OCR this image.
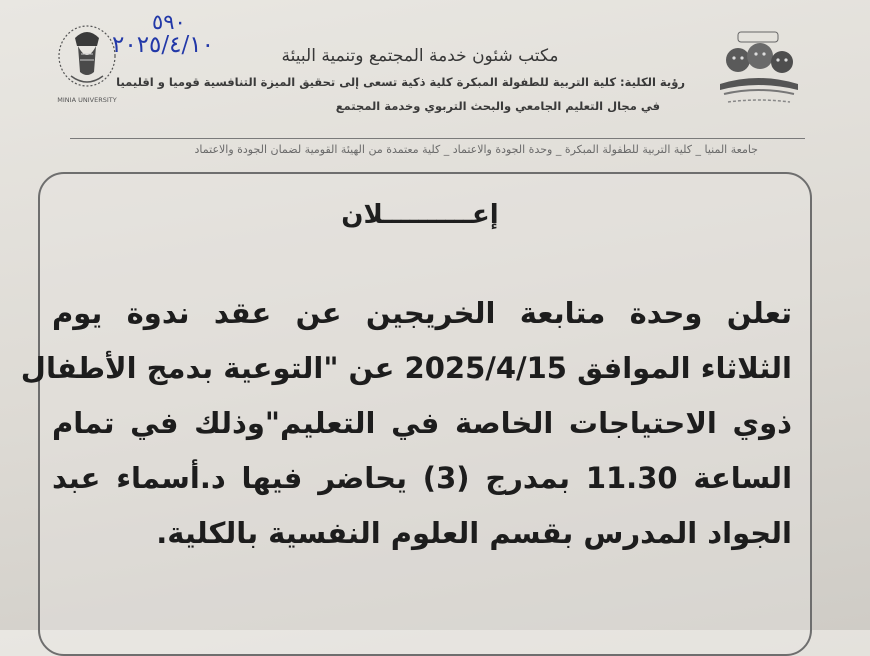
٥٩٠
٢٠٢٥/٤/١٠
MINIA UNIVERSITY
مكتب شئون خدمة المجتمع وتنمية البيئة
رؤية الكلية: كلية التربية للطفولة المبكرة كلية ذكية تسعى إلى تحقيق الميزة التنافسية قوميا و اقليميا
في مجال التعليم الجامعي والبحث التربوي وخدمة المجتمع
جامعة المنيا _ كلية التربية للطفولة المبكرة _ وحدة الجودة والاعتماد _ كلية معتمدة من الهيئة القومية لضمان الجودة والاعتماد
إعــــــــــلان
تعلن وحدة متابعة الخريجين عن عقد ندوة يوم
الثلاثاء الموافق 2025/4/15 عن "التوعية بدمج الأطفال
ذوي الاحتياجات الخاصة في التعليم"وذلك في تمام
الساعة 11.30 بمدرج (3) يحاضر فيها د.أسماء عبد
الجواد المدرس بقسم العلوم النفسية بالكلية.
